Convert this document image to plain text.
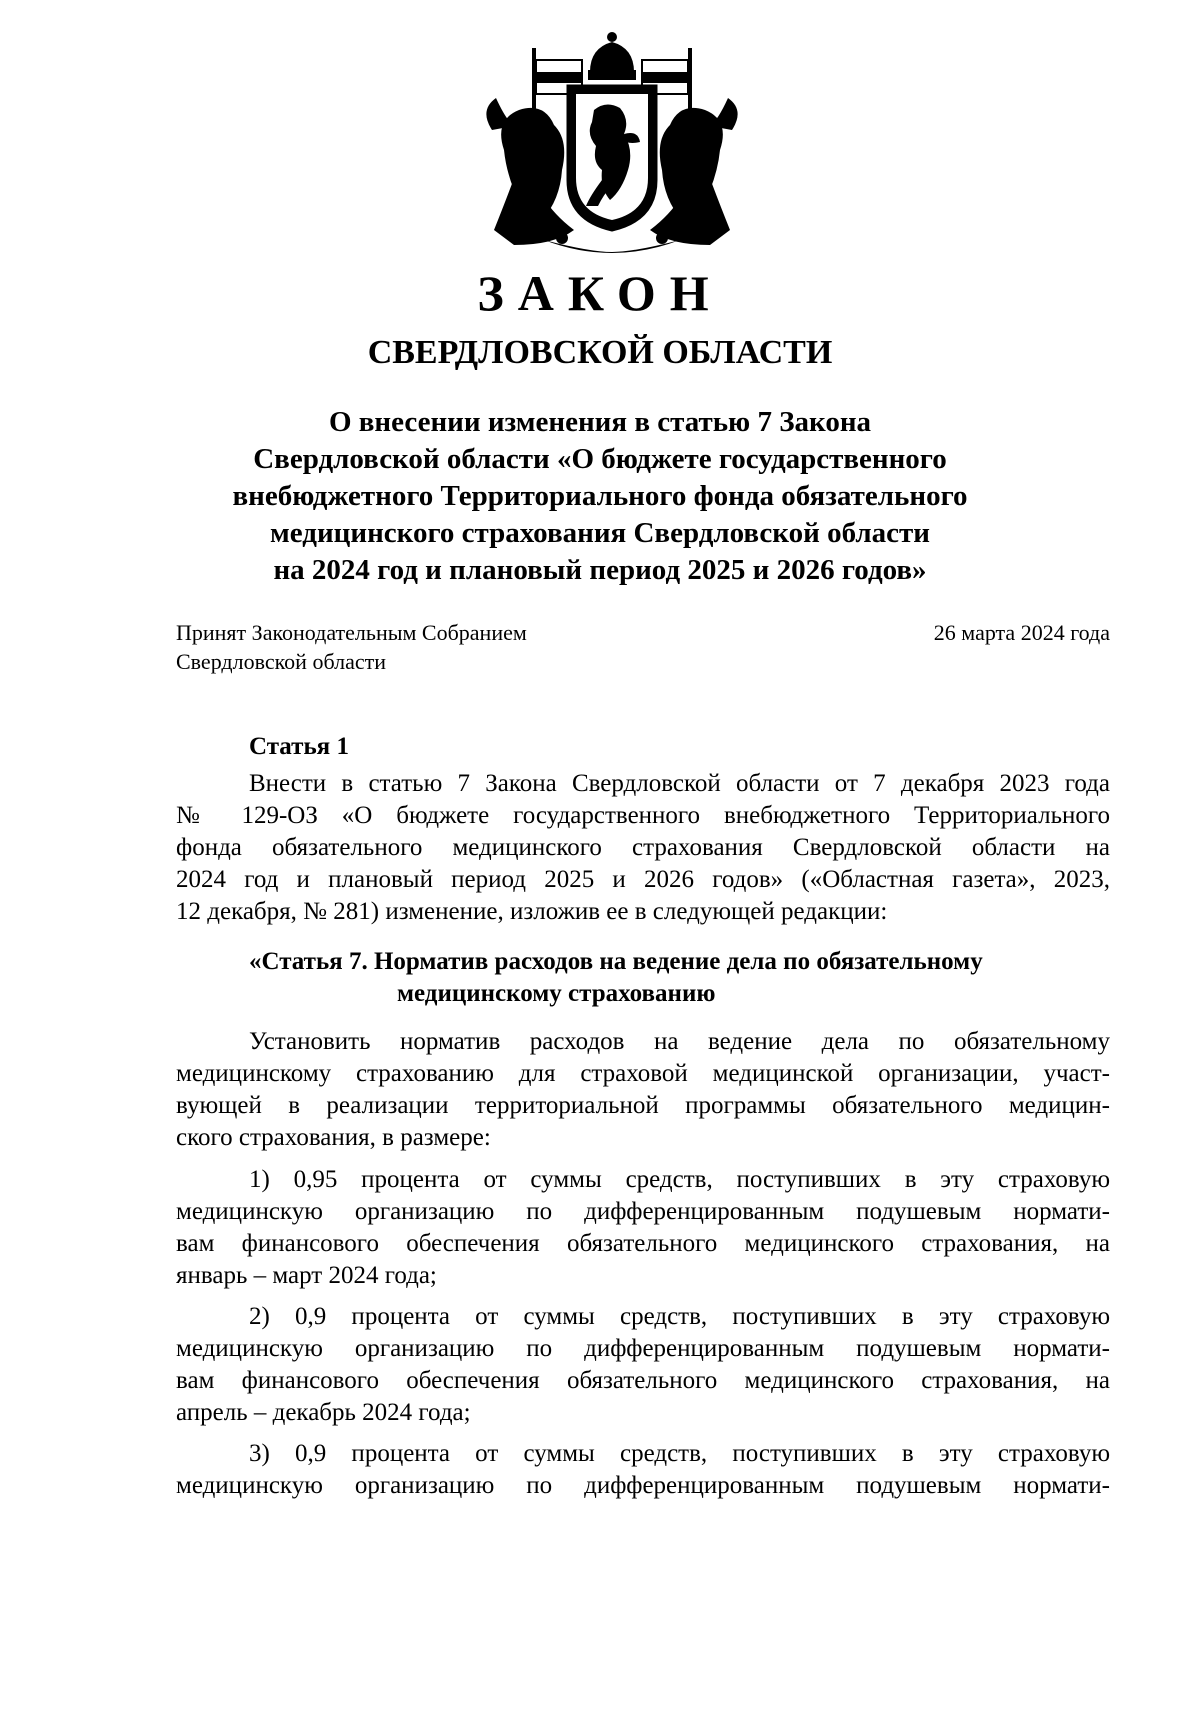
ЗАКОН
СВЕРДЛОВСКОЙ ОБЛАСТИ
О внесении изменения в статью 7 Закона
Свердловской области «О бюджете государственного
внебюджетного Территориального фонда обязательного
медицинского страхования Свердловской области
на 2024 год и плановый период 2025 и 2026 годов»
Принят Законодательным Собранием
Свердловской области
26 марта 2024 года
Статья 1
Внести в статью 7 Закона Свердловской области от 7 декабря 2023 года
№ 129-ОЗ «О бюджете государственного внебюджетного Территориального
фонда обязательного медицинского страхования Свердловской области на
2024 год и плановый период 2025 и 2026 годов» («Областная газета», 2023,
12 декабря, № 281) изменение, изложив ее в следующей редакции:
«Статья 7. Норматив расходов на ведение дела по обязательному
медицинскому страхованию
Установить норматив расходов на ведение дела по обязательному
медицинскому страхованию для страховой медицинской организации, участ-
вующей в реализации территориальной программы обязательного медицин-
ского страхования, в размере:
1) 0,95 процента от суммы средств, поступивших в эту страховую
медицинскую организацию по дифференцированным подушевым нормати-
вам финансового обеспечения обязательного медицинского страхования, на
январь – март 2024 года;
2) 0,9 процента от суммы средств, поступивших в эту страховую
медицинскую организацию по дифференцированным подушевым нормати-
вам финансового обеспечения обязательного медицинского страхования, на
апрель – декабрь 2024 года;
3) 0,9 процента от суммы средств, поступивших в эту страховую
медицинскую организацию по дифференцированным подушевым нормати-
